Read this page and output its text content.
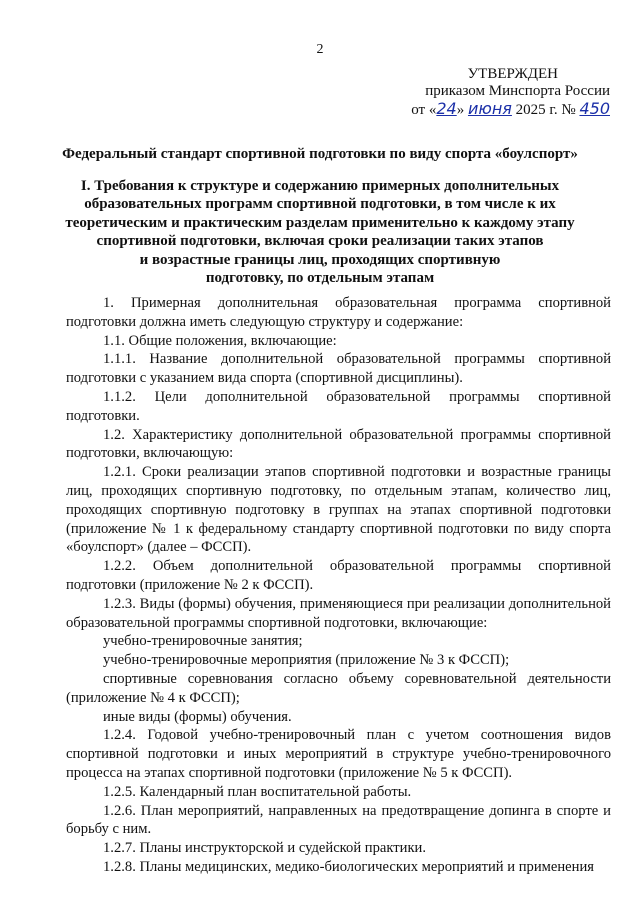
2
УТВЕРЖДЕН
приказом Минспорта России
от «24» июня 2025 г. № 450
Федеральный стандарт спортивной подготовки по виду спорта «боулспорт»
I. Требования к структуре и содержанию примерных дополнительных
образовательных программ спортивной подготовки, в том числе к их
теоретическим и практическим разделам применительно к каждому этапу
спортивной подготовки, включая сроки реализации таких этапов
и возрастные границы лиц, проходящих спортивную
подготовку, по отдельным этапам

1. Примерная дополнительная образовательная программа спортивной подготовки должна иметь следующую структуру и содержание:

1.1. Общие положения, включающие:

1.1.1. Название дополнительной образовательной программы спортивной подготовки с указанием вида спорта (спортивной дисциплины).

1.1.2. Цели дополнительной образовательной программы спортивной подготовки.

1.2. Характеристику дополнительной образовательной программы спортивной подготовки, включающую:

1.2.1. Сроки реализации этапов спортивной подготовки и возрастные границы лиц, проходящих спортивную подготовку, по отдельным этапам, количество лиц, проходящих спортивную подготовку в группах на этапах спортивной подготовки (приложение № 1 к федеральному стандарту спортивной подготовки по виду спорта «боулспорт» (далее – ФССП).

1.2.2. Объем дополнительной образовательной программы спортивной подготовки (приложение № 2 к ФССП).

1.2.3. Виды (формы) обучения, применяющиеся при реализации дополнительной образовательной программы спортивной подготовки, включающие:

учебно-тренировочные занятия;

учебно-тренировочные мероприятия (приложение № 3 к ФССП);

спортивные соревнования согласно объему соревновательной деятельности (приложение № 4 к ФССП);

иные виды (формы) обучения.

1.2.4. Годовой учебно-тренировочный план с учетом соотношения видов спортивной подготовки и иных мероприятий в структуре учебно-тренировочного процесса на этапах спортивной подготовки (приложение № 5 к ФССП).

1.2.5. Календарный план воспитательной работы.

1.2.6. План мероприятий, направленных на предотвращение допинга в спорте и борьбу с ним.

1.2.7. Планы инструкторской и судейской практики.

1.2.8. Планы медицинских, медико-биологических мероприятий и применения
